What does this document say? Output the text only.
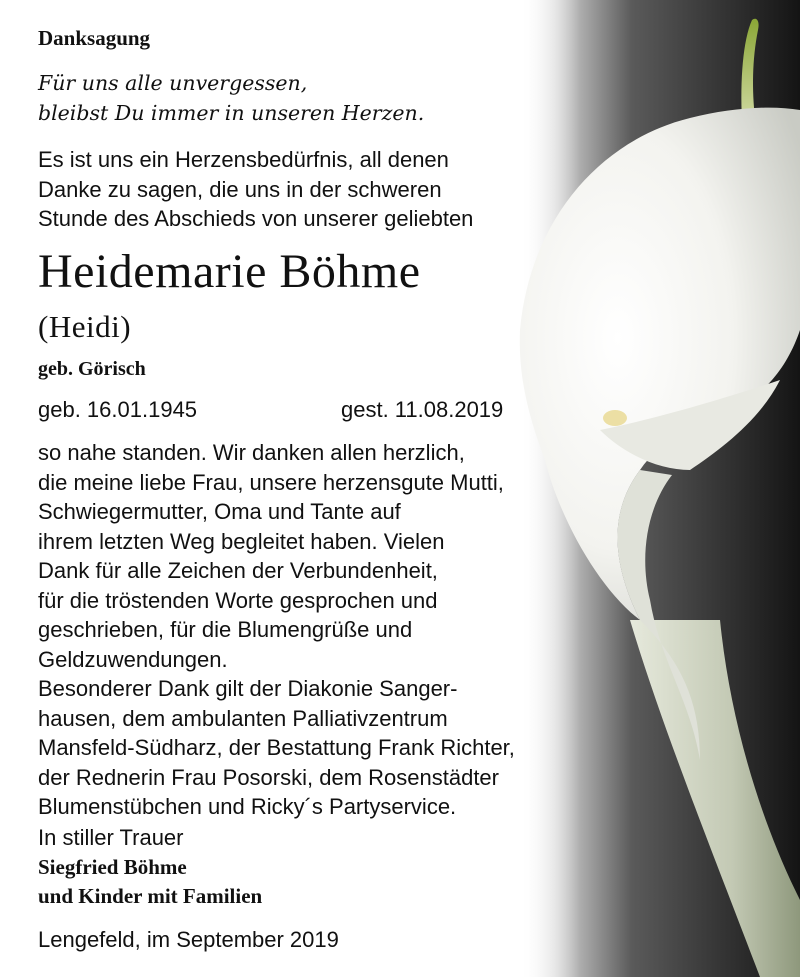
Danksagung
Für uns alle unvergessen,
bleibst Du immer in unseren Herzen.
Es ist uns ein Herzensbedürfnis, all denen
Danke zu sagen, die uns in der schweren
Stunde des Abschieds von unserer geliebten
Heidemarie Böhme
(Heidi)
geb. Görisch
geb. 16.01.1945	gest. 11.08.2019
so nahe standen. Wir danken allen herzlich,
die meine liebe Frau, unsere herzensgute Mutti,
Schwiegermutter, Oma und Tante auf
ihrem letzten Weg begleitet haben. Vielen
Dank für alle Zeichen der Verbundenheit,
für die tröstenden Worte gesprochen und
geschrieben, für die Blumengrüße und
Geldzuwendungen.
Besonderer Dank gilt der Diakonie Sanger-
hausen, dem ambulanten Palliativzentrum
Mansfeld-Südharz, der Bestattung Frank Richter,
der Rednerin Frau Posorski, dem Rosenstädter
Blumenstübchen und Ricky´s Partyservice.
In stiller Trauer
Siegfried Böhme
und Kinder mit Familien
Lengefeld, im September 2019
